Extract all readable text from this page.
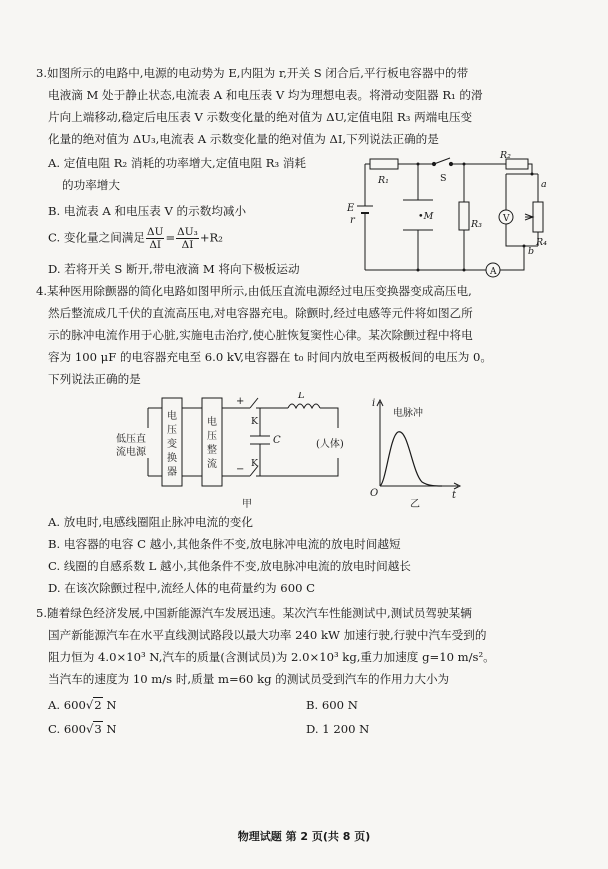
3.如图所示的电路中,电源的电动势为 E,内阻为 r,开关 S 闭合后,平行板电容器中的带
电液滴 M 处于静止状态,电流表 A 和电压表 V 均为理想电表。将滑动变阻器 R₁ 的滑
片向上端移动,稳定后电压表 V 示数变化量的绝对值为 ΔU,定值电阻 R₃ 两端电压变
化量的绝对值为 ΔU₃,电流表 A 示数变化量的绝对值为 ΔI,下列说法正确的是
A. 定值电阻 R₂ 消耗的功率增大,定值电阻 R₃ 消耗
的功率增大
B. 电流表 A 和电压表 V 的示数均减小
C. 变化量之间满足 $\frac{\Delta U}{\Delta I} = \frac{\text{ΔU₃}}{\Delta I} +R_2$
D. 若将开关 S 断开,带电液滴 M 将向下极板运动
R₁	S
R₂
a
E
r	•M
R₃ V
R₄
b
A
4.某种医用除颤器的简化电路如图甲所示,由低压直流电源经过电压变换器变成高压电,
然后整流成几千伏的直流高压电,对电容器充电。除颤时,经过电感等元件将如图乙所
示的脉冲电流作用于心脏,实施电击治疗,使心脏恢复窦性心律。某次除颤过程中将电
容为 100 μF 的电容器充电至 6.0 kV,电容器在 t₀ 时间内放电至两极板间的电压为 0。
下列说法正确的是
低压直
流电源
电
压
变
换
器
电
压
整
流
+
−
K
C
K
L
(人体)
甲
i
电脉冲
O	t
乙
A. 放电时,电感线圈阻止脉冲电流的变化
B. 电容器的电容 C 越小,其他条件不变,放电脉冲电流的放电时间越短
C. 线圈的自感系数 L 越小,其他条件不变,放电脉冲电流的放电时间越长
D. 在该次除颤过程中,流经人体的电荷量约为 600 C
5.随着绿色经济发展,中国新能源汽车发展迅速。某次汽车性能测试中,测试员驾驶某辆
国产新能源汽车在水平直线测试路段以最大功率 240 kW 加速行驶,行驶中汽车受到的
阻力恒为 4.0×10³ N,汽车的质量(含测试员)为 2.0×10³ kg,重力加速度 g=10 m/s²。
当汽车的速度为 10 m/s 时,质量 m=60 kg 的测试员受到汽车的作用力大小为
A. 600√2 N	B. 600 N
C. 600√3 N	D. 1 200 N
物理试题 第 2 页(共 8 页)
